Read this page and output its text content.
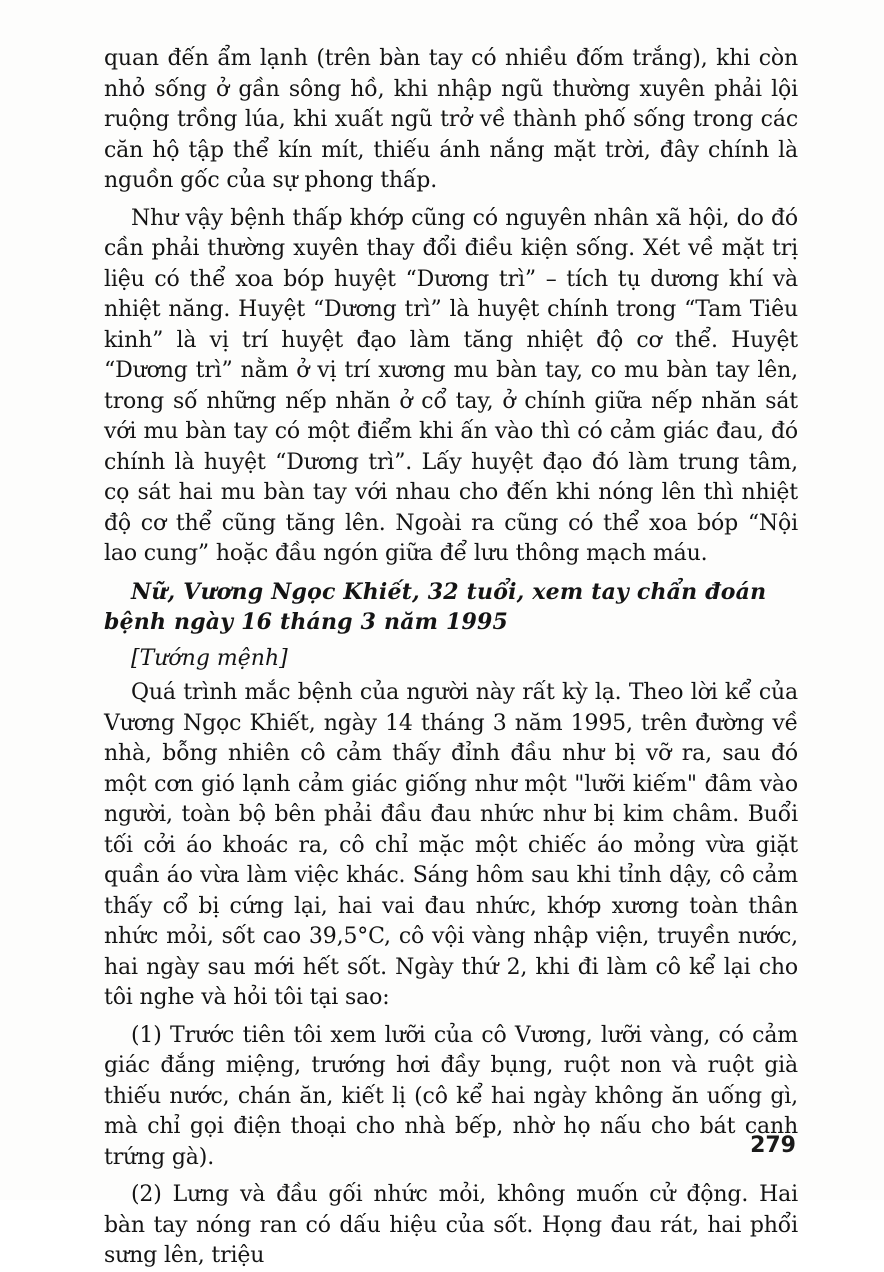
quan đến ẩm lạnh (trên bàn tay có nhiều đốm trắng), khi còn nhỏ sống ở gần sông hồ, khi nhập ngũ thường xuyên phải lội ruộng trồng lúa, khi xuất ngũ trở về thành phố sống trong các căn hộ tập thể kín mít, thiếu ánh nắng mặt trời, đây chính là nguồn gốc của sự phong thấp.

Như vậy bệnh thấp khớp cũng có nguyên nhân xã hội, do đó cần phải thường xuyên thay đổi điều kiện sống. Xét về mặt trị liệu có thể xoa bóp huyệt “Dương trì” – tích tụ dương khí và nhiệt năng. Huyệt “Dương trì” là huyệt chính trong “Tam Tiêu kinh” là vị trí huyệt đạo làm tăng nhiệt độ cơ thể. Huyệt “Dương trì” nằm ở vị trí xương mu bàn tay, co mu bàn tay lên, trong số những nếp nhăn ở cổ tay, ở chính giữa nếp nhăn sát với mu bàn tay có một điểm khi ấn vào thì có cảm giác đau, đó chính là huyệt “Dương trì”. Lấy huyệt đạo đó làm trung tâm, cọ sát hai mu bàn tay với nhau cho đến khi nóng lên thì nhiệt độ cơ thể cũng tăng lên. Ngoài ra cũng có thể xoa bóp “Nội lao cung” hoặc đầu ngón giữa để lưu thông mạch máu.

Nữ, Vương Ngọc Khiết, 32 tuổi, xem tay chẩn đoán bệnh ngày 16 tháng 3 năm 1995
[Tướng mệnh]

Quá trình mắc bệnh của người này rất kỳ lạ. Theo lời kể của Vương Ngọc Khiết, ngày 14 tháng 3 năm 1995, trên đường về nhà, bỗng nhiên cô cảm thấy đỉnh đầu như bị vỡ ra, sau đó một cơn gió lạnh cảm giác giống như một "lưỡi kiếm" đâm vào người, toàn bộ bên phải đầu đau nhức như bị kim châm. Buổi tối cởi áo khoác ra, cô chỉ mặc một chiếc áo mỏng vừa giặt quần áo vừa làm việc khác. Sáng hôm sau khi tỉnh dậy, cô cảm thấy cổ bị cứng lại, hai vai đau nhức, khớp xương toàn thân nhức mỏi, sốt cao 39,5°C, cô vội vàng nhập viện, truyền nước, hai ngày sau mới hết sốt. Ngày thứ 2, khi đi làm cô kể lại cho tôi nghe và hỏi tôi tại sao:

(1) Trước tiên tôi xem lưỡi của cô Vương, lưỡi vàng, có cảm giác đắng miệng, trướng hơi đầy bụng, ruột non và ruột già thiếu nước, chán ăn, kiết lị (cô kể hai ngày không ăn uống gì, mà chỉ gọi điện thoại cho nhà bếp, nhờ họ nấu cho bát canh trứng gà).

(2) Lưng và đầu gối nhức mỏi, không muốn cử động. Hai bàn tay nóng ran có dấu hiệu của sốt. Họng đau rát, hai phổi sưng lên, triệu

279
